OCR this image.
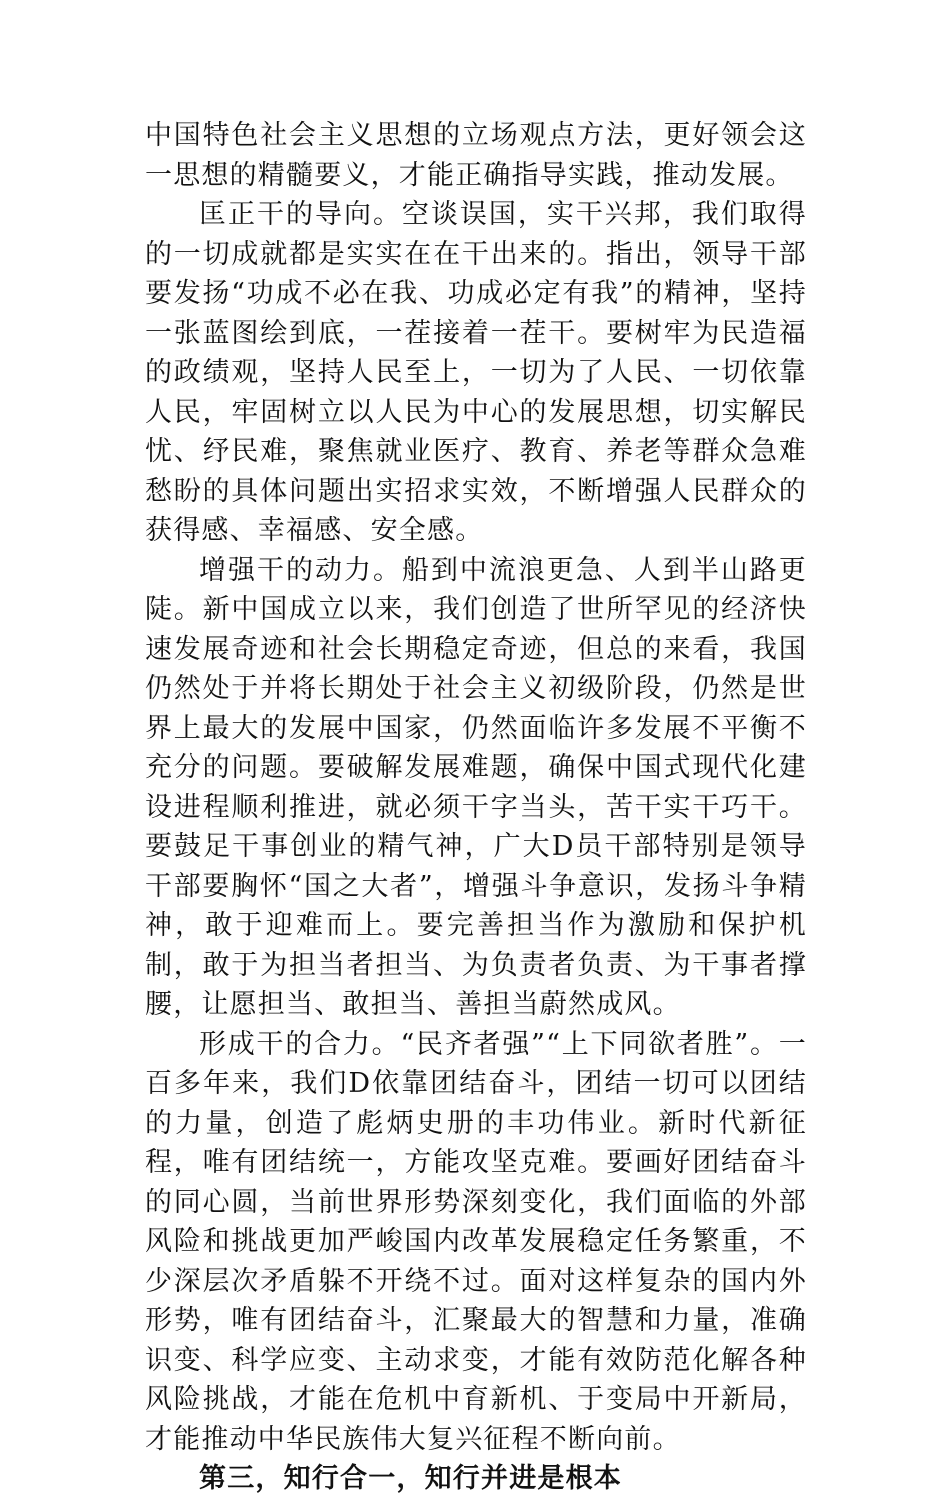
中国特色社会主义思想的立场观点方法，更好领会这一思想的精髓要义，才能正确指导实践，推动发展。

匡正干的导向。空谈误国，实干兴邦，我们取得的一切成就都是实实在在干出来的。指出，领导干部要发扬“功成不必在我、功成必定有我”的精神，坚持一张蓝图绘到底，一茬接着一茬干。要树牢为民造福的政绩观，坚持人民至上，一切为了人民、一切依靠人民，牢固树立以人民为中心的发展思想，切实解民忧、纾民难，聚焦就业医疗、教育、养老等群众急难愁盼的具体问题出实招求实效，不断增强人民群众的获得感、幸福感、安全感。

增强干的动力。船到中流浪更急、人到半山路更陡。新中国成立以来，我们创造了世所罕见的经济快速发展奇迹和社会长期稳定奇迹，但总的来看，我国仍然处于并将长期处于社会主义初级阶段，仍然是世界上最大的发展中国家，仍然面临许多发展不平衡不充分的问题。要破解发展难题，确保中国式现代化建设进程顺利推进，就必须干字当头，苦干实干巧干。要鼓足干事创业的精气神，广大D员干部特别是领导干部要胸怀“国之大者”，增强斗争意识，发扬斗争精神，敢于迎难而上。要完善担当作为激励和保护机制，敢于为担当者担当、为负责者负责、为干事者撑腰，让愿担当、敢担当、善担当蔚然成风。

形成干的合力。“民齐者强”“上下同欲者胜”。一百多年来，我们D依靠团结奋斗，团结一切可以团结的力量，创造了彪炳史册的丰功伟业。新时代新征程，唯有团结统一，方能攻坚克难。要画好团结奋斗的同心圆，当前世界形势深刻变化，我们面临的外部风险和挑战更加严峻国内改革发展稳定任务繁重，不少深层次矛盾躲不开绕不过。面对这样复杂的国内外形势，唯有团结奋斗，汇聚最大的智慧和力量，准确识变、科学应变、主动求变，才能有效防范化解各种风险挑战，才能在危机中育新机、于变局中开新局，才能推动中华民族伟大复兴征程不断向前。

第三，知行合一，知行并进是根本
